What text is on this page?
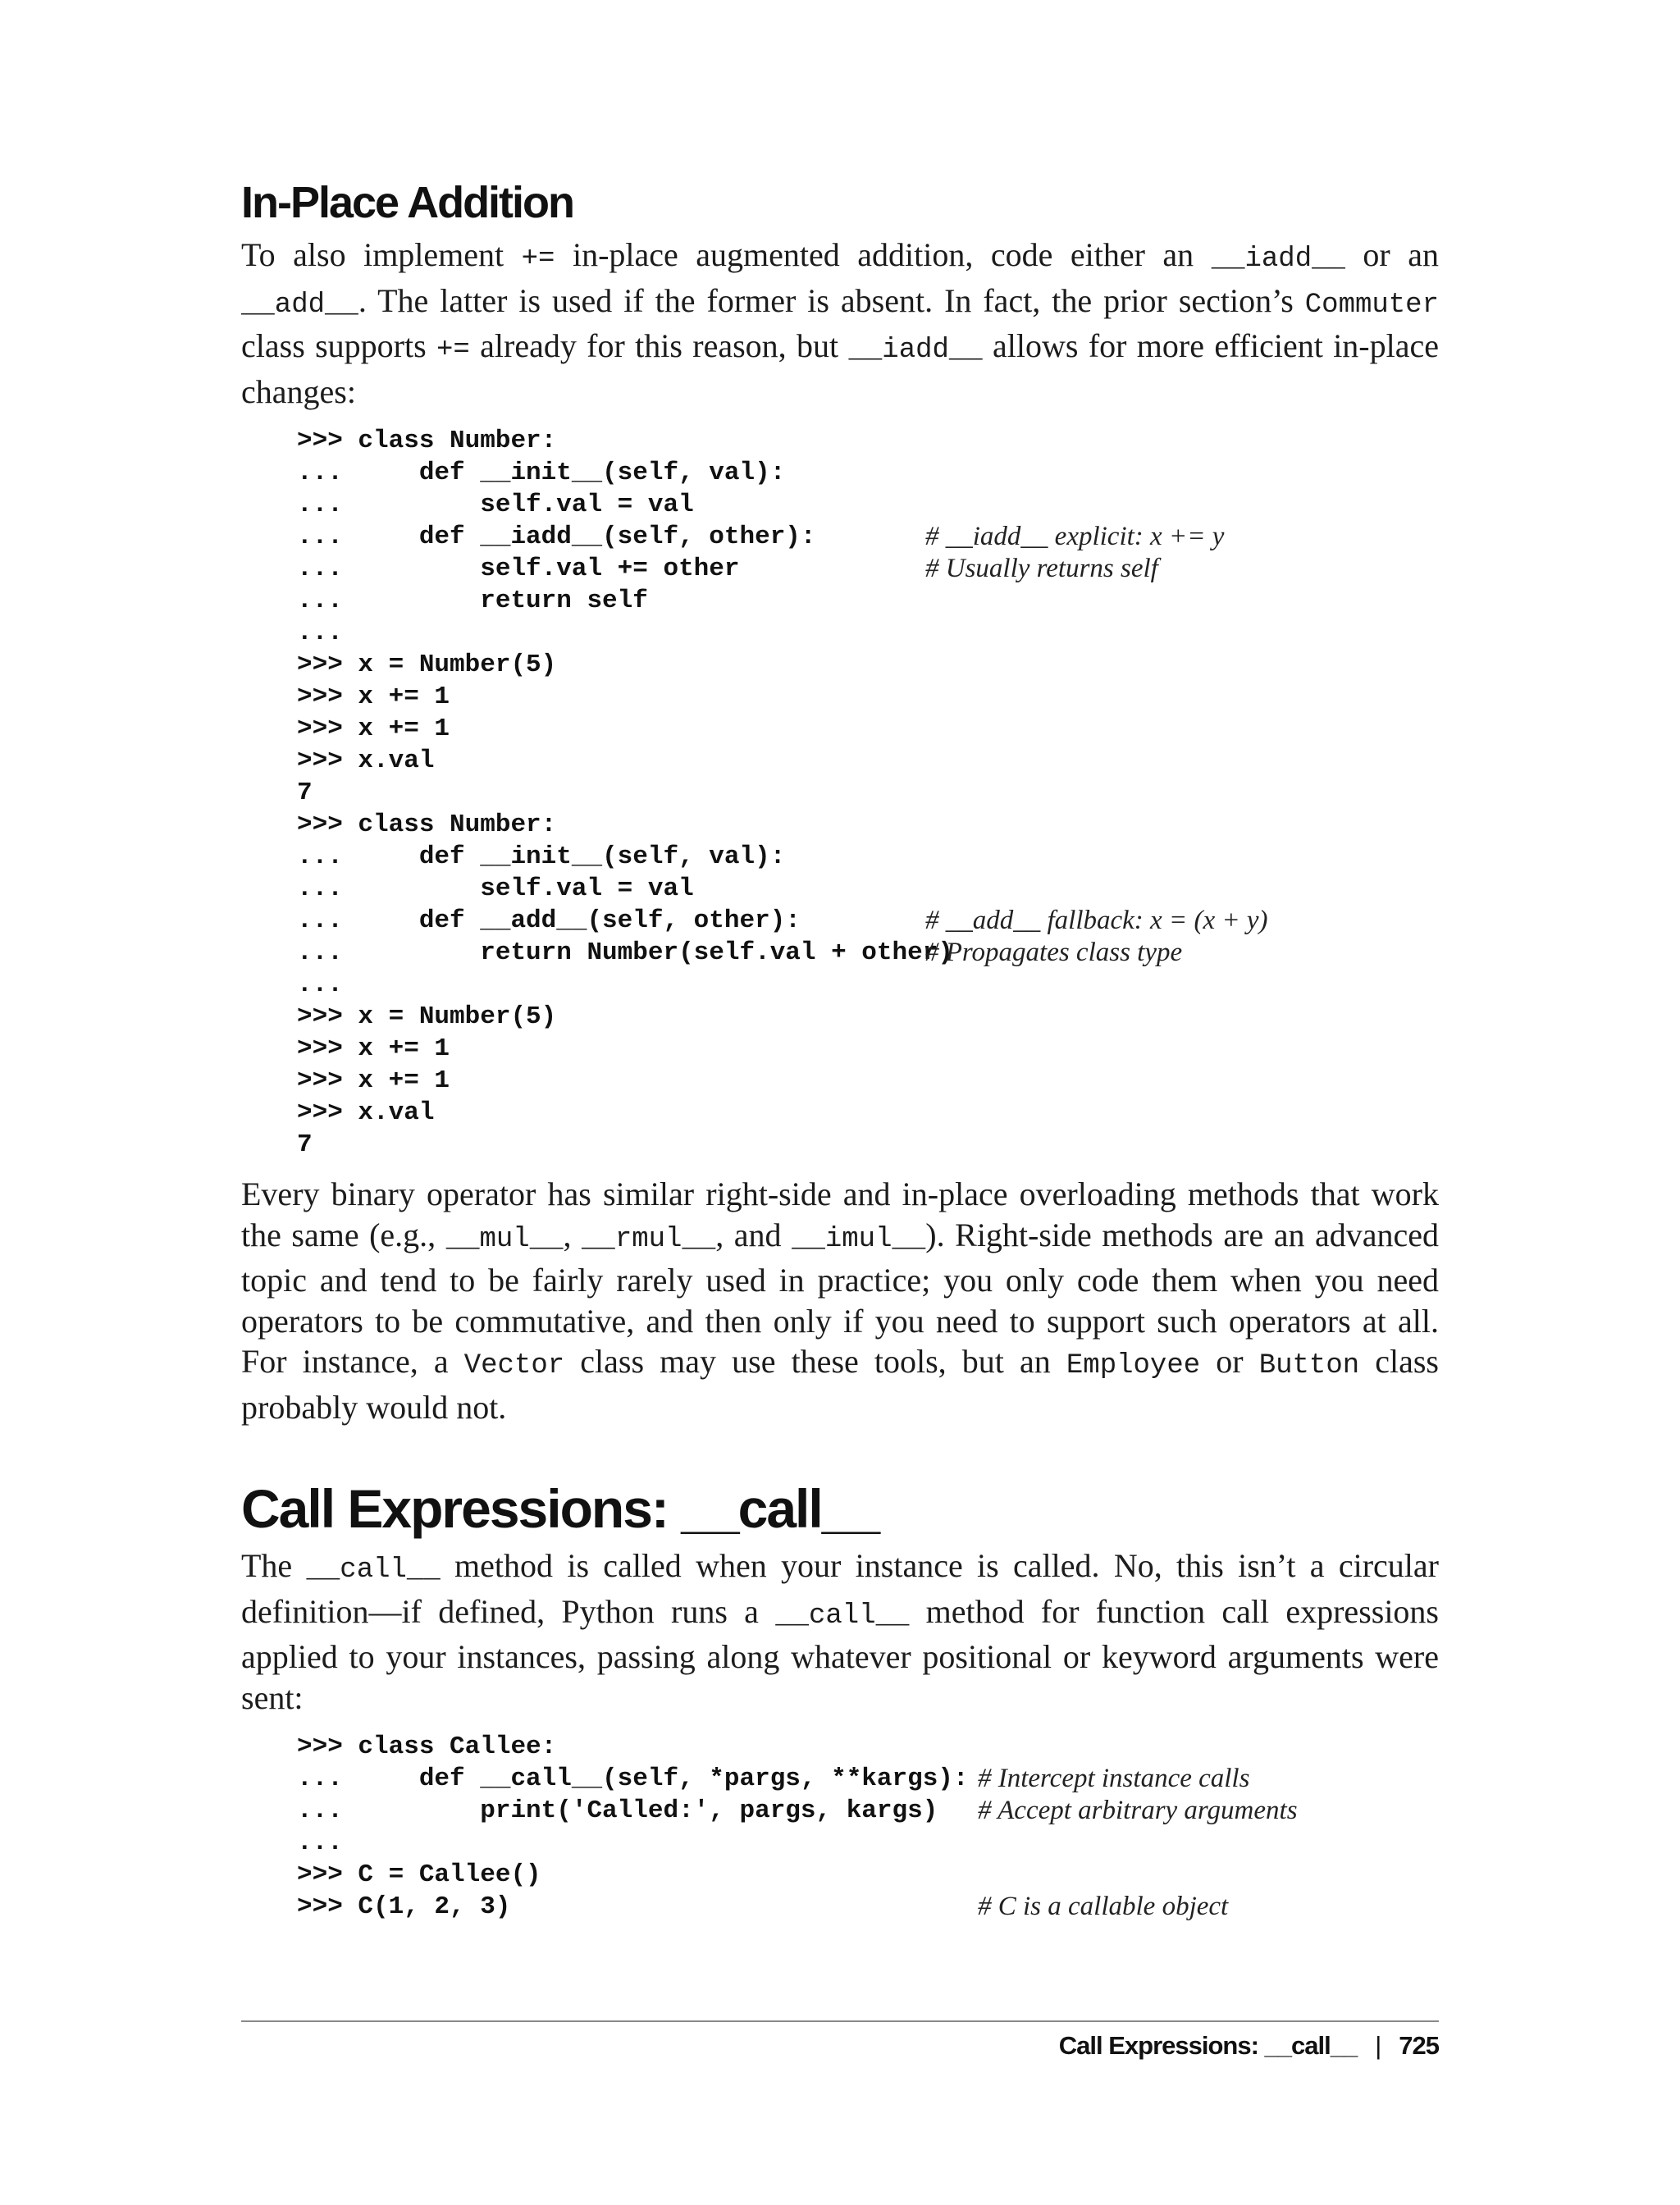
In-Place Addition

To also implement += in-place augmented addition, code either an __iadd__ or an __add__. The latter is used if the former is absent. In fact, the prior section’s Commuter class supports += already for this reason, but __iadd__ allows for more efficient in-place changes:

>>> class Number:
...     def __init__(self, val):
...         self.val = val
...     def __iadd__(self, other):	# __iadd__ explicit: x += y
...         self.val += other	# Usually returns self
...         return self
...
>>> x = Number(5)
>>> x += 1
>>> x += 1
>>> x.val
7
>>> class Number:
...     def __init__(self, val):
...         self.val = val
...     def __add__(self, other):	# __add__ fallback: x = (x + y)
...         return Number(self.val + other)
# Propagates class type
...
>>> x = Number(5)
>>> x += 1
>>> x += 1
>>> x.val
7

Every binary operator has similar right-side and in-place overloading methods that work the same (e.g., __mul__, __rmul__, and __imul__). Right-side methods are an advanced topic and tend to be fairly rarely used in practice; you only code them when you need operators to be commutative, and then only if you need to support such operators at all. For instance, a Vector class may use these tools, but an Employee or Button class probably would not.

Call Expressions: __call__

The __call__ method is called when your instance is called. No, this isn’t a circular definition—if defined, Python runs a __call__ method for function call expressions applied to your instances, passing along whatever positional or keyword arguments were sent:

>>> class Callee:
...     def __call__(self, *pargs, **kargs): # Intercept instance calls
...         print('Called:', pargs, kargs)	# Accept arbitrary arguments
...
>>> C = Callee()
>>> C(1, 2, 3)	# C is a callable object
Call Expressions: __call__ | 725
